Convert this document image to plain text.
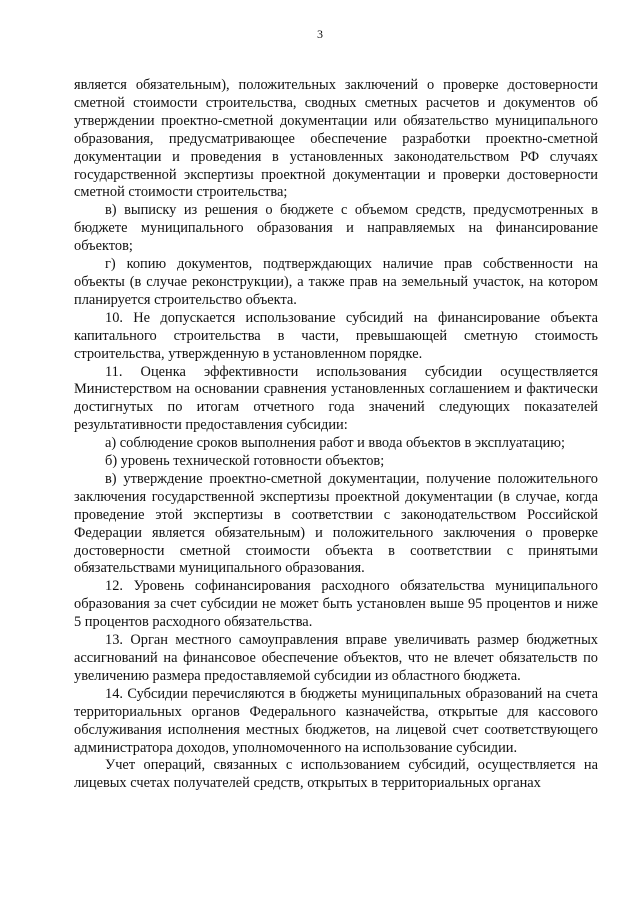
3

является обязательным), положительных заключений о проверке достоверности сметной стоимости строительства, сводных сметных расчетов и документов об утверждении проектно-сметной документации или обязательство муниципального образования, предусматривающее обеспечение разработки проектно-сметной документации и проведения в установленных законодательством РФ случаях государственной экспертизы проектной документации и проверки достоверности сметной стоимости строительства;

в) выписку из решения о бюджете с объемом средств, предусмотренных в бюджете муниципального образования и направляемых на финансирование объектов;

г) копию документов, подтверждающих наличие прав собственности на объекты (в случае реконструкции), а также прав на земельный участок, на котором планируется строительство объекта.

10. Не допускается использование субсидий на финансирование объекта капитального строительства в части, превышающей сметную стоимость строительства, утвержденную в установленном порядке.

11. Оценка эффективности использования субсидии осуществляется Министерством на основании сравнения установленных соглашением и фактически достигнутых по итогам отчетного года значений следующих показателей результативности предоставления субсидии:

а) соблюдение сроков выполнения работ и ввода объектов в эксплуатацию;

б) уровень технической готовности объектов;

в) утверждение проектно-сметной документации, получение положительного заключения государственной экспертизы проектной документации (в случае, когда проведение этой экспертизы в соответствии с законодательством Российской Федерации является обязательным) и положительного заключения о проверке достоверности сметной стоимости объекта в соответствии с принятыми обязательствами муниципального образования.

12. Уровень софинансирования расходного обязательства муниципального образования за счет субсидии не может быть установлен выше 95 процентов и ниже 5 процентов расходного обязательства.

13. Орган местного самоуправления вправе увеличивать размер бюджетных ассигнований на финансовое обеспечение объектов, что не влечет обязательств по увеличению размера предоставляемой субсидии из областного бюджета.

14. Субсидии перечисляются в бюджеты муниципальных образований на счета территориальных органов Федерального казначейства, открытые для кассового обслуживания исполнения местных бюджетов, на лицевой счет соответствующего администратора доходов, уполномоченного на использование субсидии.

Учет операций, связанных с использованием субсидий, осуществляется на лицевых счетах получателей средств, открытых в территориальных органах
